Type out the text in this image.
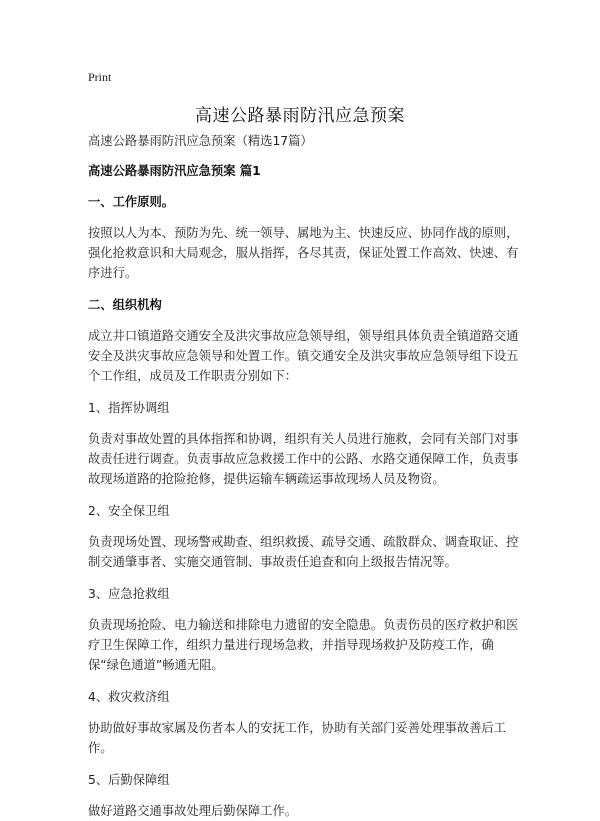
Print
高速公路暴雨防汛应急预案

高速公路暴雨防汛应急预案（精选17篇）

高速公路暴雨防汛应急预案 篇1

一、工作原则。

按照以人为本、预防为先、统一领导、属地为主、快速反应、协同作战的原则，强化抢救意识和大局观念，服从指挥，各尽其责，保证处置工作高效、快速、有序进行。

二、组织机构

成立井口镇道路交通安全及洪灾事故应急领导组，领导组具体负责全镇道路交通安全及洪灾事故应急领导和处置工作。镇交通安全及洪灾事故应急领导组下设五个工作组，成员及工作职责分别如下：

1、指挥协调组

负责对事故处置的具体指挥和协调，组织有关人员进行施救，会同有关部门对事故责任进行调查。负责事故应急救援工作中的公路、水路交通保障工作，负责事故现场道路的抢险抢修，提供运输车辆疏运事故现场人员及物资。

2、安全保卫组

负责现场处置、现场警戒勘查、组织救援、疏导交通、疏散群众、调查取证、控制交通肇事者、实施交通管制、事故责任追查和向上级报告情况等。

3、应急抢救组

负责现场抢险、电力输送和排除电力遗留的安全隐患。负责伤员的医疗救护和医疗卫生保障工作，组织力量进行现场急救，并指导现场救护及防疫工作，确保“绿色通道”畅通无阻。

4、救灾救济组

协助做好事故家属及伤者本人的安抚工作，协助有关部门妥善处理事故善后工作。

5、后勤保障组

做好道路交通事故处理后勤保障工作。
